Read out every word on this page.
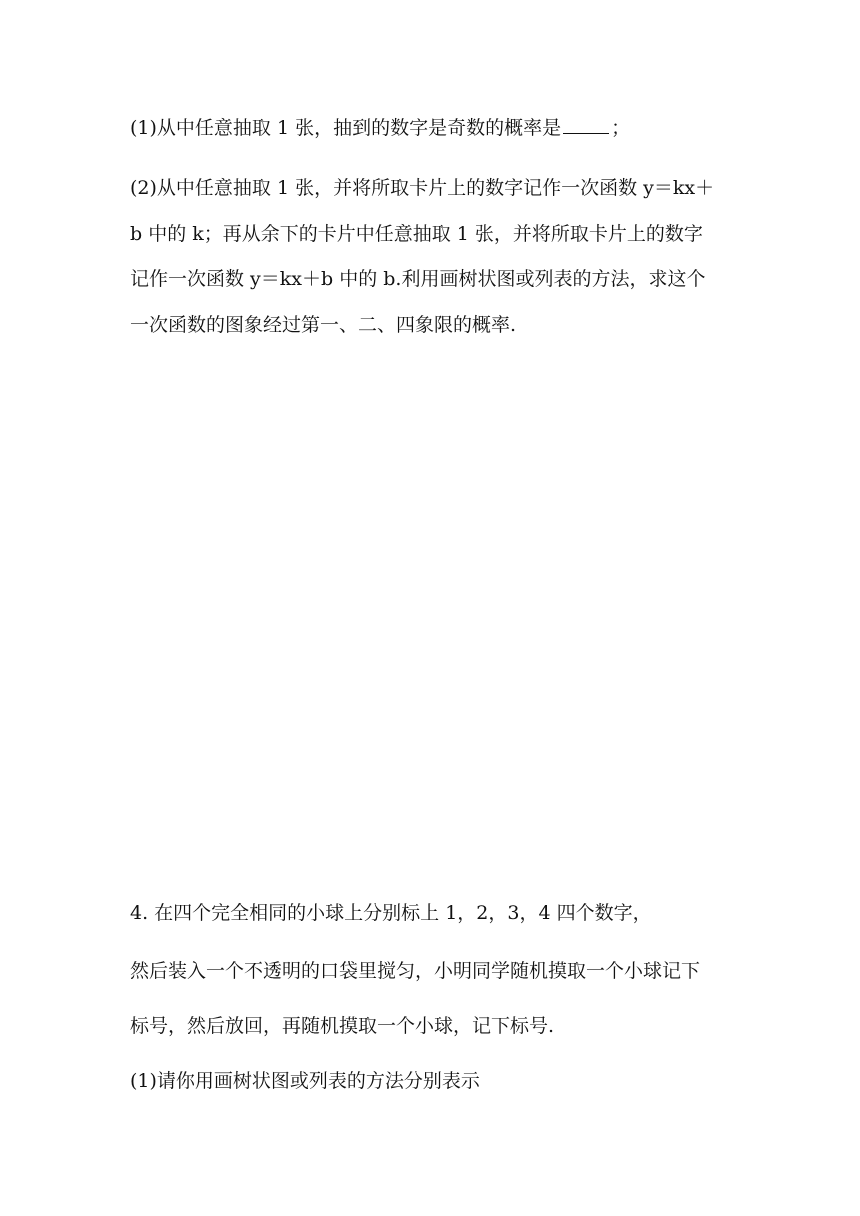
(1)从中任意抽取 1 张，抽到的数字是奇数的概率是	；
(2)从中任意抽取 1 张，并将所取卡片上的数字记作一次函数 y＝kx＋
b 中的 k；再从余下的卡片中任意抽取 1 张，并将所取卡片上的数字
记作一次函数 y＝kx＋b 中的 b.利用画树状图或列表的方法，求这个
一次函数的图象经过第一、二、四象限的概率.
4. 在四个完全相同的小球上分别标上 1，2，3，4 四个数字，
然后装入一个不透明的口袋里搅匀，小明同学随机摸取一个小球记下
标号，然后放回，再随机摸取一个小球，记下标号.
(1)请你用画树状图或列表的方法分别表示
